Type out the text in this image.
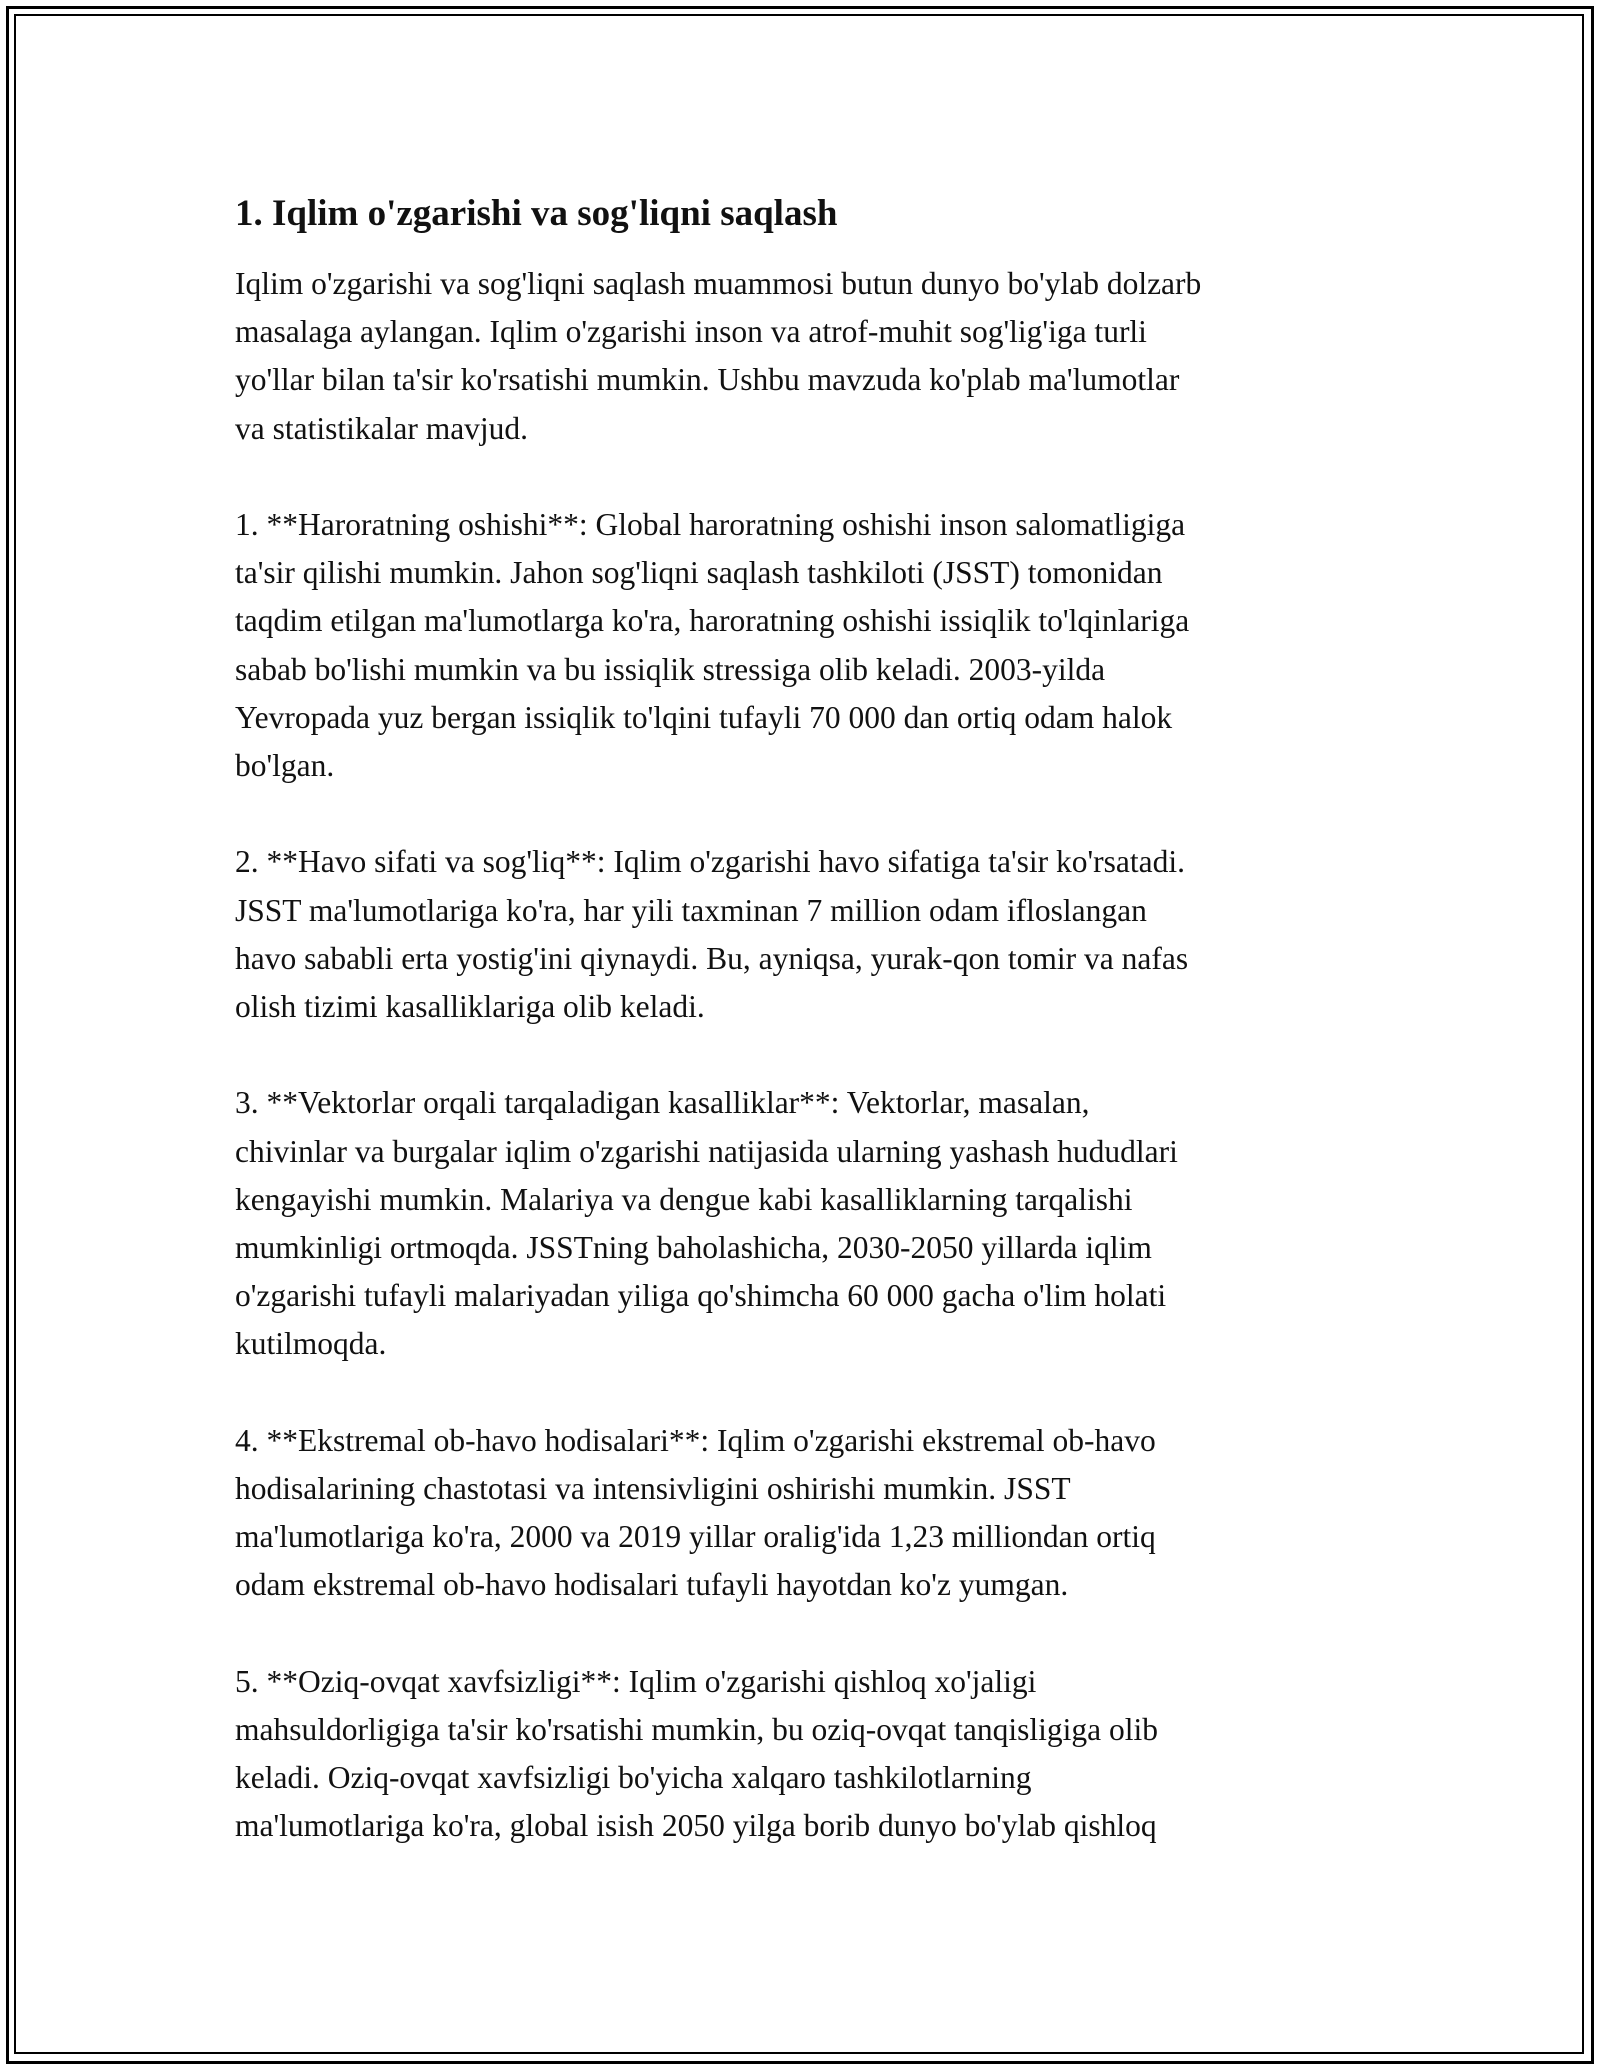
1. Iqlim o'zgarishi va sog'liqni saqlash
Iqlim o'zgarishi va sog'liqni saqlash muammosi butun dunyo bo'ylab dolzarb
masalaga aylangan. Iqlim o'zgarishi inson va atrof-muhit sog'lig'iga turli
yo'llar bilan ta'sir ko'rsatishi mumkin. Ushbu mavzuda ko'plab ma'lumotlar
va statistikalar mavjud.
1. **Haroratning oshishi**: Global haroratning oshishi inson salomatligiga
ta'sir qilishi mumkin. Jahon sog'liqni saqlash tashkiloti (JSST) tomonidan
taqdim etilgan ma'lumotlarga ko'ra, haroratning oshishi issiqlik to'lqinlariga
sabab bo'lishi mumkin va bu issiqlik stressiga olib keladi. 2003-yilda
Yevropada yuz bergan issiqlik to'lqini tufayli 70 000 dan ortiq odam halok
bo'lgan.
2. **Havo sifati va sog'liq**: Iqlim o'zgarishi havo sifatiga ta'sir ko'rsatadi.
JSST ma'lumotlariga ko'ra, har yili taxminan 7 million odam ifloslangan
havo sababli erta yostig'ini qiynaydi. Bu, ayniqsa, yurak-qon tomir va nafas
olish tizimi kasalliklariga olib keladi.
3. **Vektorlar orqali tarqaladigan kasalliklar**: Vektorlar, masalan,
chivinlar va burgalar iqlim o'zgarishi natijasida ularning yashash hududlari
kengayishi mumkin. Malariya va dengue kabi kasalliklarning tarqalishi
mumkinligi ortmoqda. JSSTning baholashicha, 2030-2050 yillarda iqlim
o'zgarishi tufayli malariyadan yiliga qo'shimcha 60 000 gacha o'lim holati
kutilmoqda.
4. **Ekstremal ob-havo hodisalari**: Iqlim o'zgarishi ekstremal ob-havo
hodisalarining chastotasi va intensivligini oshirishi mumkin. JSST
ma'lumotlariga ko'ra, 2000 va 2019 yillar oralig'ida 1,23 milliondan ortiq
odam ekstremal ob-havo hodisalari tufayli hayotdan ko'z yumgan.
5. **Oziq-ovqat xavfsizligi**: Iqlim o'zgarishi qishloq xo'jaligi
mahsuldorligiga ta'sir ko'rsatishi mumkin, bu oziq-ovqat tanqisligiga olib
keladi. Oziq-ovqat xavfsizligi bo'yicha xalqaro tashkilotlarning
ma'lumotlariga ko'ra, global isish 2050 yilga borib dunyo bo'ylab qishloq
